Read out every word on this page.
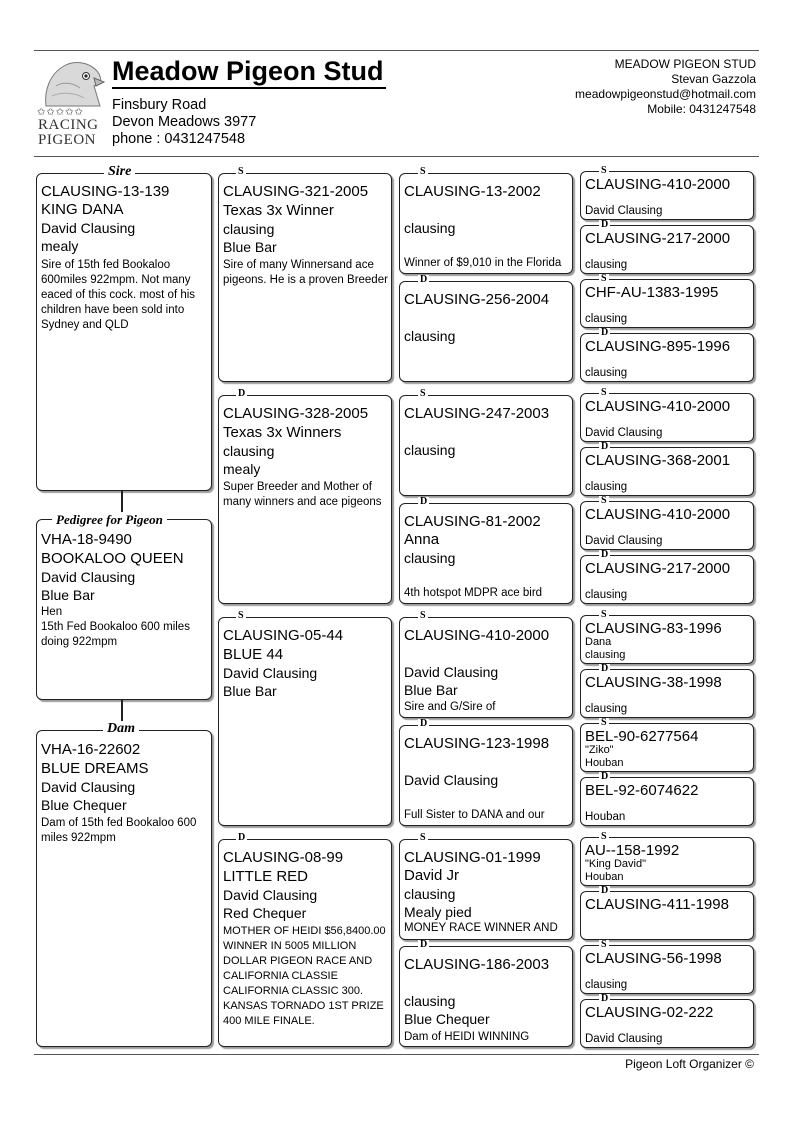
✩✩✩✩✩
RACING
PIGEON
Meadow Pigeon Stud
Finsbury Road
Devon Meadows 3977
phone : 0431247548
MEADOW PIGEON STUD
Stevan Gazzola
meadowpigeonstud@hotmail.com
Mobile: 0431247548
CLAUSING-13-139
KING DANA
David Clausing
mealy
Sire of 15th fed Bookaloo 600miles 922mpm. Not many eaced of this cock. most of his children have been sold into Sydney and QLD
Sire
VHA-18-9490
BOOKALOO QUEEN
David Clausing
Blue Bar
Hen
15th Fed Bookaloo 600 miles doing 922mpm
Pedigree for Pigeon
VHA-16-22602
BLUE DREAMS
David Clausing
Blue Chequer
Dam of 15th fed Bookaloo 600 miles 922mpm
Dam
CLAUSING-321-2005
Texas 3x Winner
clausing
Blue Bar
Sire of many Winnersand ace pigeons. He is a proven Breeder
S
CLAUSING-328-2005
Texas 3x Winners
clausing
mealy
Super Breeder and Mother of many winners and ace pigeons
D
CLAUSING-05-44
BLUE 44
David Clausing
Blue Bar
S
CLAUSING-08-99
LITTLE RED
David Clausing
Red Chequer
MOTHER OF HEIDI $56,8400.00 WINNER IN 5005 MILLION DOLLAR PIGEON RACE AND CALIFORNIA CLASSIE CALIFORNIA CLASSIC 300. KANSAS TORNADO 1ST PRIZE 400 MILE FINALE.
D
CLAUSING-13-2002
clausing
Winner of $9,010 in the Florida
S
CLAUSING-256-2004
clausing
D
CLAUSING-247-2003
clausing
S
CLAUSING-81-2002
Anna
clausing
4th hotspot MDPR ace bird
D
CLAUSING-410-2000
David Clausing
Blue Bar
Sire and G/Sire of
S
CLAUSING-123-1998
David Clausing
Full Sister to DANA and our
D
CLAUSING-01-1999
David Jr
clausing
Mealy pied
MONEY RACE WINNER AND
S
CLAUSING-186-2003
clausing
Blue Chequer
Dam of HEIDI WINNING
D
CLAUSING-410-2000
David Clausing
S
CLAUSING-217-2000
clausing
D
CHF-AU-1383-1995
clausing
S
CLAUSING-895-1996
clausing
D
CLAUSING-410-2000
David Clausing
S
CLAUSING-368-2001
clausing
D
CLAUSING-410-2000
David Clausing
S
CLAUSING-217-2000
clausing
D
CLAUSING-83-1996
Dana
clausing
S
CLAUSING-38-1998
clausing
D
BEL-90-6277564
"Ziko"
Houban
S
BEL-92-6074622
Houban
D
AU--158-1992
"King David"
Houban
S
CLAUSING-411-1998
D
CLAUSING-56-1998
clausing
S
CLAUSING-02-222
David Clausing
D
Pigeon Loft Organizer ©
